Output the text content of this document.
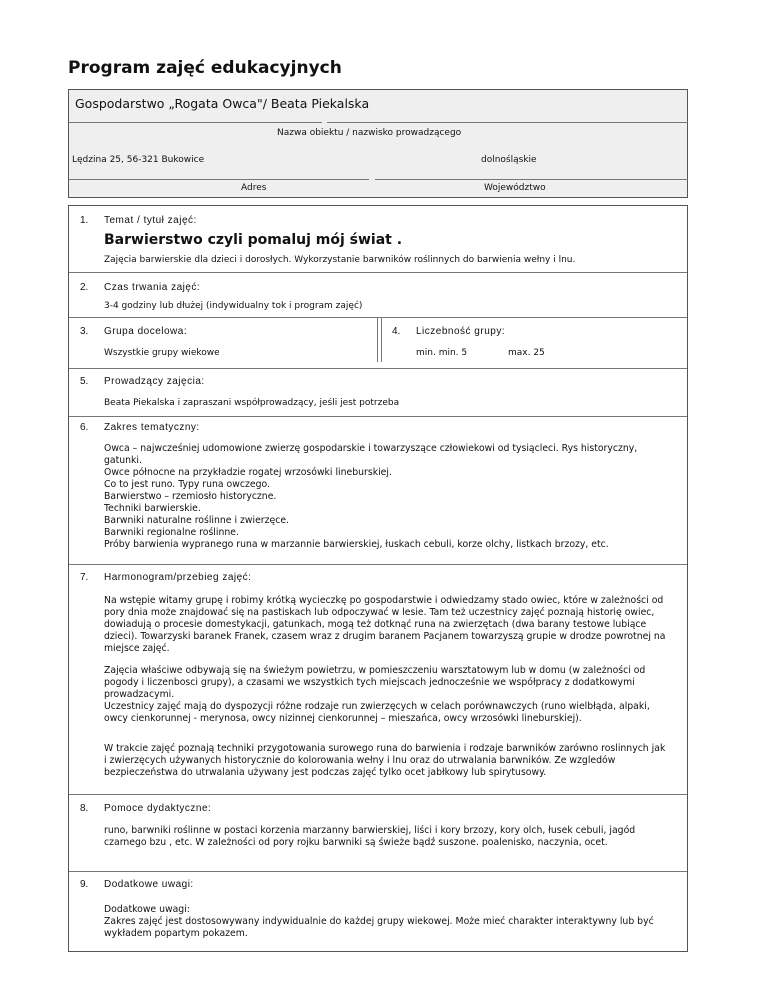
Program zajęć edukacyjnych
Gospodarstwo „Rogata Owca"/ Beata Piekalska
Nazwa obiektu / nazwisko prowadzącego
Lędzina 25, 56-321 Bukowice	dolnośląskie
Adres	Województwo
1. Temat / tytuł zajęć:
Barwierstwo czyli pomaluj mój świat .
Zajęcia barwierskie dla dzieci i dorosłych. Wykorzystanie barwników roślinnych do barwienia wełny i lnu.
2. Czas trwania zajęć:
3-4 godziny lub dłużej (indywidualny tok i program zajęć)
3. Grupa docelowa:
Wszystkie grupy wiekowe
4. Liczebność grupy:
min. min. 5	max. 25
5. Prowadzący zajęcia:
Beata Piekalska i zapraszani współprowadzący, jeśli jest potrzeba
6. Zakres tematyczny:
Owca – najwcześniej udomowione zwierzę gospodarskie i towarzyszące człowiekowi od tysiącleci. Rys historyczny, gatunki.
Owce północne na przykładzie rogatej wrzosówki lineburskiej.
Co to jest runo. Typy runa owczego.
Barwierstwo – rzemiosło historyczne.
Techniki barwierskie.
Barwniki naturalne roślinne i zwierzęce.
Barwniki regionalne roślinne.
Próby barwienia wypranego runa w marzannie barwierskiej, łuskach cebuli, korze olchy, listkach brzozy, etc.
7. Harmonogram/przebieg zajęć:
Na wstępie witamy grupę i robimy krótką wycieczkę po gospodarstwie i odwiedzamy stado owiec, które w zależności od pory dnia może znajdować się na pastiskach lub odpoczywać w lesie. Tam też uczestnicy zajęć poznają historię owiec, dowiadują o procesie domestykacji, gatunkach, mogą też dotknąć runa na zwierzętach (dwa barany testowe lubiące dzieci). Towarzyski baranek Franek, czasem wraz z drugim baranem Pacjanem towarzyszą grupie w drodze powrotnej na miejsce zajęć.
Zajęcia właściwe odbywają się na świeżym powietrzu, w pomieszczeniu warsztatowym lub w domu (w zależności od pogody i liczenbosci grupy), a czasami we wszystkich tych miejscach jednocześnie we współpracy z dodatkowymi prowadzacymi.
Uczestnicy zajęć mają do dyspozycji różne rodzaje run zwierzęcych w celach porównawczych (runo wielbłąda, alpaki, owcy cienkorunnej - merynosa, owcy nizinnej cienkorunnej – mieszańca, owcy wrzosówki lineburskiej).
W trakcie zajęć poznają techniki przygotowania surowego runa do barwienia i rodzaje barwników zarówno roslinnych jak i zwierzęcych używanych historycznie do kolorowania wełny i lnu oraz do utrwalania barwników. Ze wzgledów bezpieczeństwa do utrwalania używany jest podczas zajęć tylko ocet jabłkowy lub spirytusowy.
8. Pomoce dydaktyczne:
runo, barwniki roślinne w postaci korzenia marzanny barwierskiej, liści i kory brzozy, kory olch, łusek cebuli, jagód czarnego bzu , etc. W zależności od pory rojku barwniki są świeże bądź suszone. poalenisko, naczynia, ocet.
9. Dodatkowe uwagi:
Dodatkowe uwagi:
Zakres zajęć jest dostosowywany indywidualnie do każdej grupy wiekowej. Może mieć charakter interaktywny lub być wykładem popartym pokazem.
